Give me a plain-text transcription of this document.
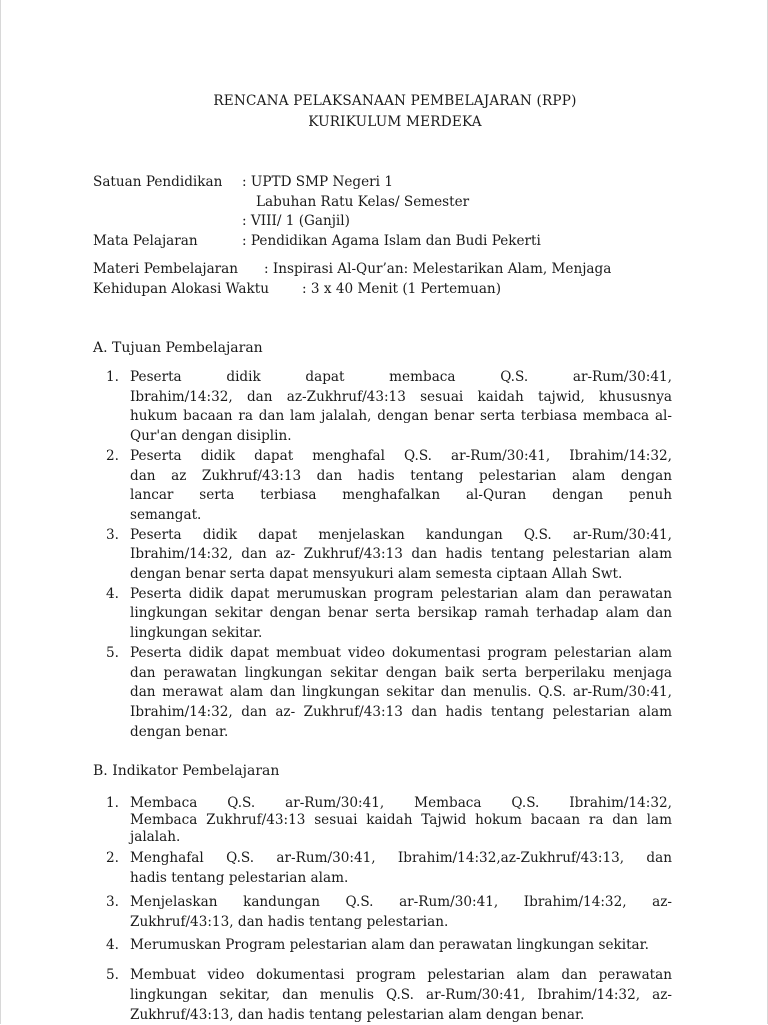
RENCANA PELAKSANAAN PEMBELAJARAN (RPP)
KURIKULUM MERDEKA
Satuan Pendidikan : UPTD SMP Negeri 1
Labuhan Ratu Kelas/ Semester
: VIII/ 1 (Ganjil)
Mata Pelajaran	: Pendidikan Agama Islam dan Budi Pekerti
Materi Pembelajaran : Inspirasi Al-Qur’an: Melestarikan Alam, Menjaga
Kehidupan Alokasi Waktu : 3 x 40 Menit (1 Pertemuan)
A. Tujuan Pembelajaran
1. Peserta didik dapat membaca Q.S. ar-Rum/30:41,
Ibrahim/14:32, dan az-Zukhruf/43:13 sesuai kaidah tajwid, khususnya
hukum bacaan ra dan lam jalalah, dengan benar serta terbiasa membaca al-
Qur'an dengan disiplin.
2. Peserta didik dapat menghafal Q.S. ar-Rum/30:41, Ibrahim/14:32,
dan az Zukhruf/43:13 dan hadis tentang pelestarian alam dengan
lancar serta terbiasa menghafalkan al-Quran dengan penuh
semangat.
3. Peserta didik dapat menjelaskan kandungan Q.S. ar-Rum/30:41,
Ibrahim/14:32, dan az- Zukhruf/43:13 dan hadis tentang pelestarian alam
dengan benar serta dapat mensyukuri alam semesta ciptaan Allah Swt.
4. Peserta didik dapat merumuskan program pelestarian alam dan perawatan
lingkungan sekitar dengan benar serta bersikap ramah terhadap alam dan
lingkungan sekitar.
5. Peserta didik dapat membuat video dokumentasi program pelestarian alam
dan perawatan lingkungan sekitar dengan baik serta berperilaku menjaga
dan merawat alam dan lingkungan sekitar dan menulis. Q.S. ar-Rum/30:41,
Ibrahim/14:32, dan az- Zukhruf/43:13 dan hadis tentang pelestarian alam
dengan benar.
B. Indikator Pembelajaran
1. Membaca Q.S. ar-Rum/30:41, Membaca Q.S. Ibrahim/14:32,
Membaca Zukhruf/43:13 sesuai kaidah Tajwid hokum bacaan ra dan lam
jalalah.
2. Menghafal Q.S. ar-Rum/30:41, Ibrahim/14:32,az-Zukhruf/43:13, dan
hadis tentang pelestarian alam.
3. Menjelaskan kandungan Q.S. ar-Rum/30:41, Ibrahim/14:32, az-
Zukhruf/43:13, dan hadis tentang pelestarian.
4. Merumuskan Program pelestarian alam dan perawatan lingkungan sekitar.
5. Membuat video dokumentasi program pelestarian alam dan perawatan
lingkungan sekitar, dan menulis Q.S. ar-Rum/30:41, Ibrahim/14:32, az-
Zukhruf/43:13, dan hadis tentang pelestarian alam dengan benar.
